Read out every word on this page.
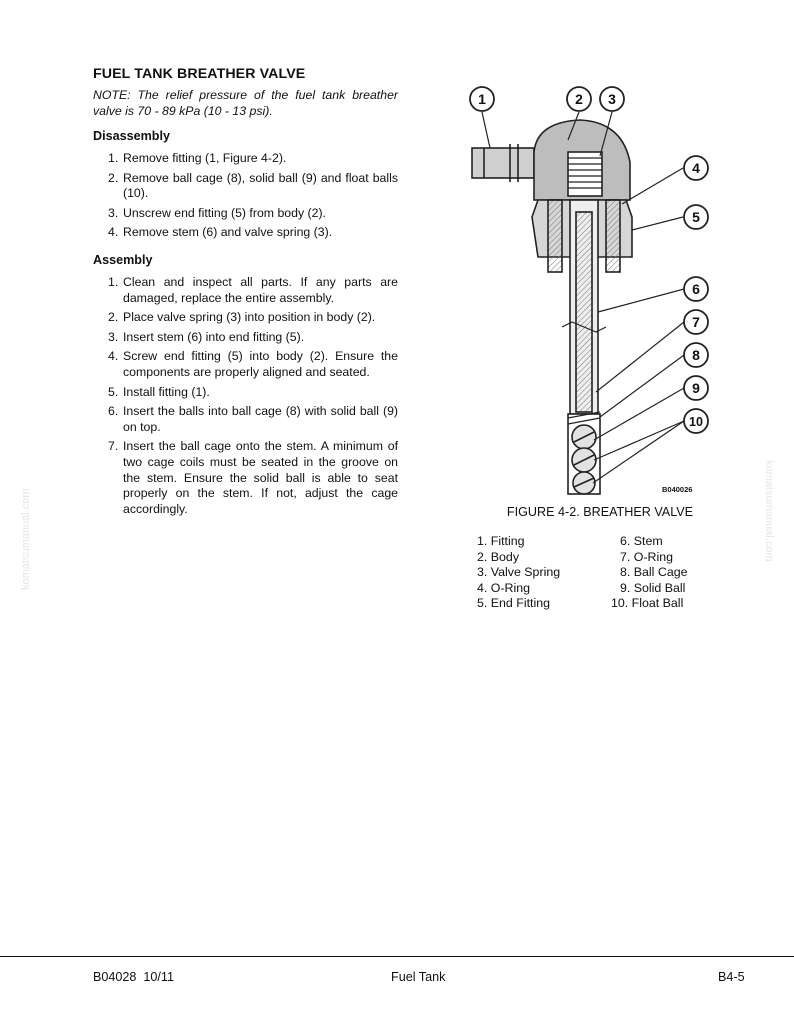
FUEL TANK BREATHER VALVE

NOTE: The relief pressure of the fuel tank breather valve is 70 - 89 kPa (10 - 13 psi).

Disassembly
1. Remove fitting (1, Figure 4-2).
2. Remove ball cage (8), solid ball (9) and float balls (10).
3. Unscrew end fitting (5) from body (2).
4. Remove stem (6) and valve spring (3).
Assembly
1. Clean and inspect all parts. If any parts are damaged, replace the entire assembly.
2. Place valve spring (3) into position in body (2).
3. Insert stem (6) into end fitting (5).
4. Screw end fitting (5) into body (2). Ensure the components are properly aligned and seated.
5. Install fitting (1).
6. Insert the balls into ball cage (8) with solid ball (9) on top.
7. Insert the ball cage onto the stem. A minimum of two cage coils must be seated in the groove on the stem. Ensure the solid ball is able to seat properly on the stem. If not, adjust the cage accordingly.
1	2 3
4
5
6
7
8
9
10
B040026
FIGURE 4-2. BREATHER VALVE
1. Fitting
2. Body
3. Valve Spring
4. O-Ring
5. End Fitting
6. Stem
7. O-Ring
8. Ball Cage
9. Solid Ball
10. Float Ball
komatsumanual.com	komatsumanual.com
B04028  10/11	Fuel Tank	B4-5
